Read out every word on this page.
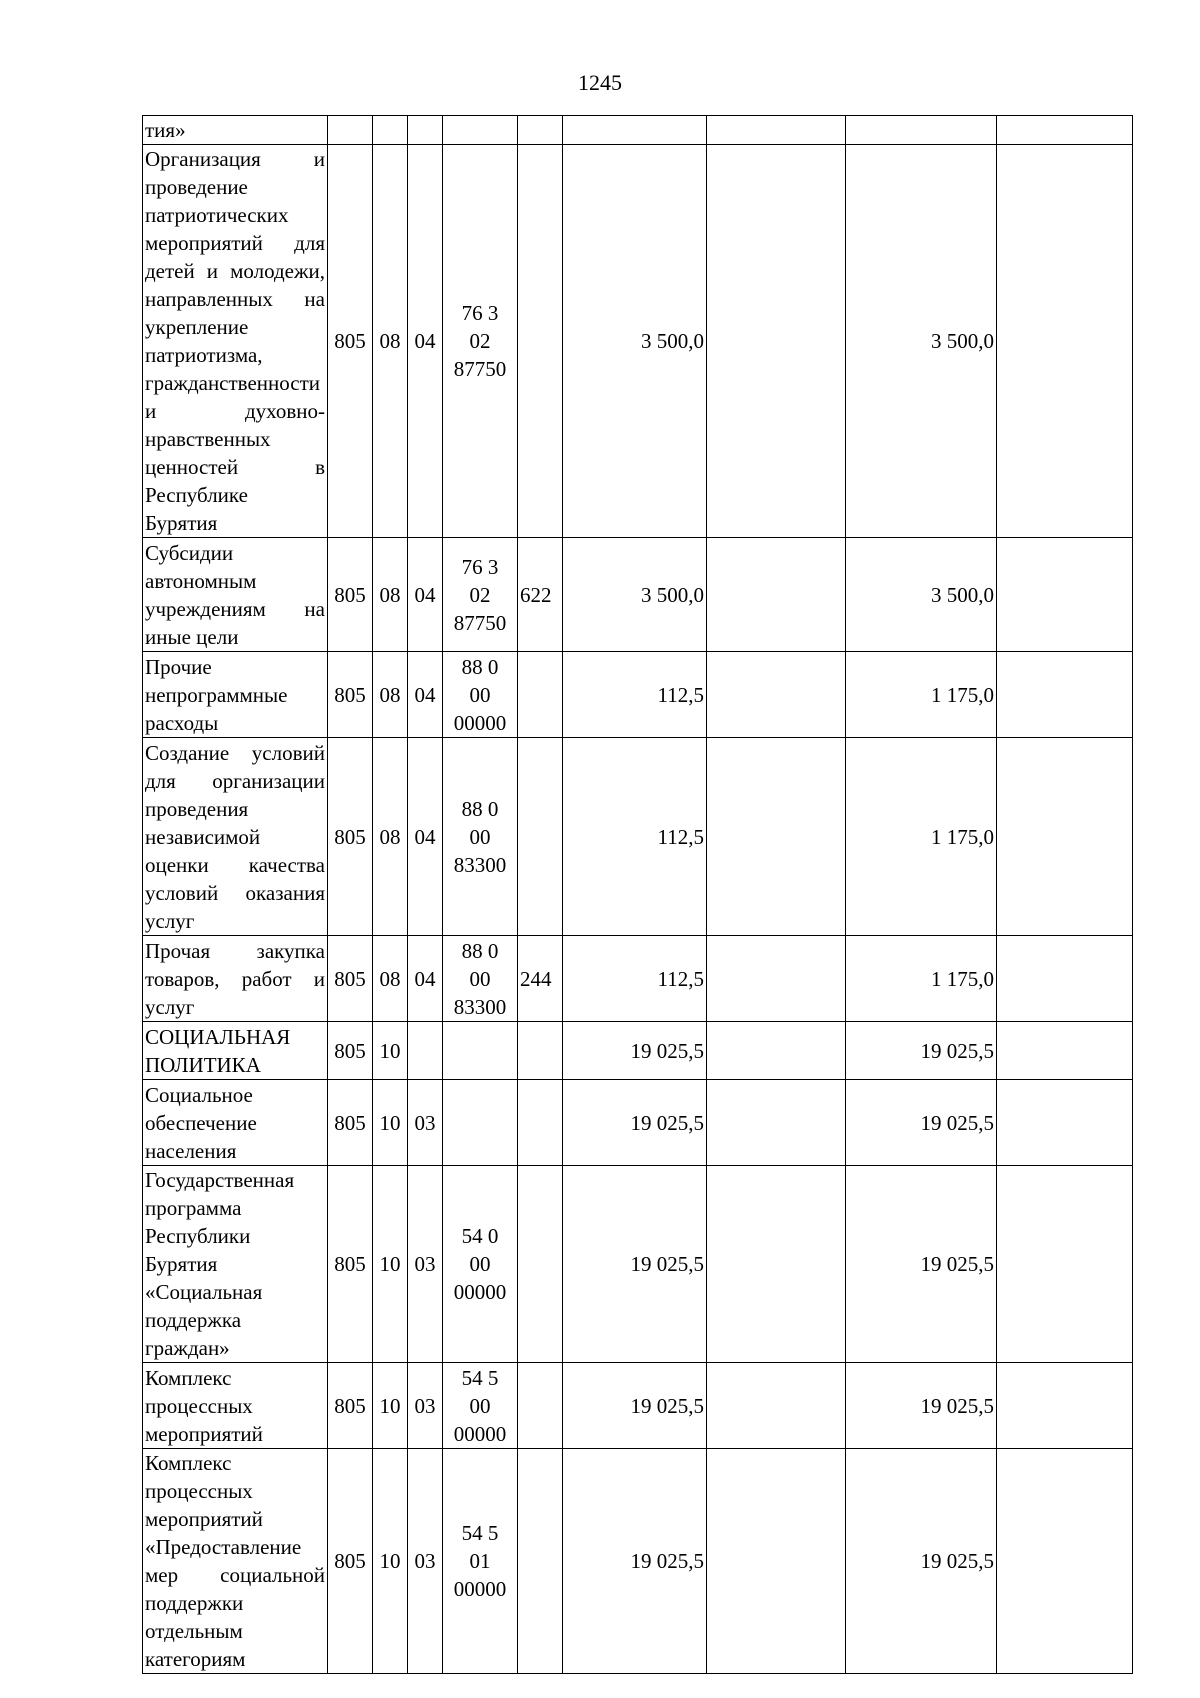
1245
тия»									
Организация и проведение патриотических мероприятий для детей и молодежи, направленных на укрепление патриотизма, гражданственности и духовно-нравственных ценностей в Республике Бурятия	805	08	04	76 3
02
87750		3 500,0		3 500,0	
Субсидии автономным учреждениям на иные цели	805	08	04	76 3
02
87750	622	3 500,0		3 500,0	
Прочие непрограммные расходы	805	08	04	88 0
00
00000		112,5		1 175,0	
Создание условий для организации проведения независимой оценки качества условий оказания услуг	805	08	04	88 0
00
83300		112,5		1 175,0	
Прочая закупка товаров, работ и услуг	805	08	04	88 0
00
83300	244	112,5		1 175,0	
СОЦИАЛЬНАЯ ПОЛИТИКА	805	10				19 025,5		19 025,5	
Социальное обеспечение населения	805	10	03			19 025,5		19 025,5	
Государственная программа Республики Бурятия «Социальная поддержка граждан»	805	10	03	54 0
00
00000		19 025,5		19 025,5	
Комплекс процессных мероприятий	805	10	03	54 5
00
00000		19 025,5		19 025,5	
Комплекс процессных мероприятий «Предоставление мер социальной поддержки отдельным категориям	805	10	03	54 5
01
00000		19 025,5		19 025,5	
